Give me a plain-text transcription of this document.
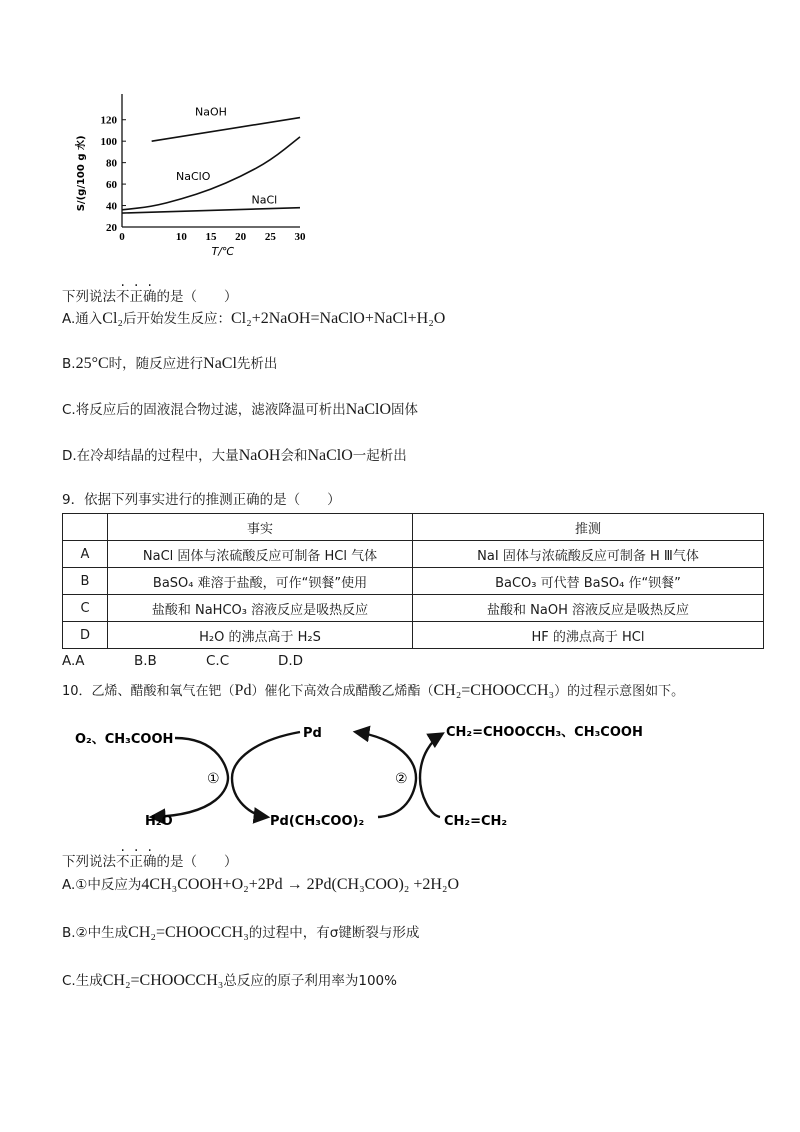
0	10 15 20 25 30
20
40
60
80
100
120
NaOH
NaClO
NaCl
T/℃
S/(g/100 g 水)
下列说法不正确的是（　　）
A.通入Cl₂后开始发生反应：Cl₂+2NaOH=NaClO+NaCl+H₂O
B.25°C时，随反应进行NaCl先析出
C.将反应后的固液混合物过滤，滤液降温可析出NaClO固体
D.在冷却结晶的过程中，大量NaOH会和NaClO一起析出
9．依据下列事实进行的推测正确的是（　　）
	事实	推测
A	NaCl 固体与浓硫酸反应可制备 HCl 气体	NaI 固体与浓硫酸反应可制备 H Ⅲ气体
B	BaSO₄ 难溶于盐酸，可作“钡餐”使用	BaCO₃ 可代替 BaSO₄ 作“钡餐”
C	盐酸和 NaHCO₃ 溶液反应是吸热反应	盐酸和 NaOH 溶液反应是吸热反应
D	H₂O 的沸点高于 H₂S	HF 的沸点高于 HCl
A.A	B.B	C.C	D.D
10．乙烯、醋酸和氧气在钯（Pd）催化下高效合成醋酸乙烯酯（CH₂=CHOOCCH₃）的过程示意图如下。
O₂、CH₃COOH	Pd	CH₂=CHOOCCH₃、CH₃COOH
H₂O	Pd(CH₃COO)₂	CH₂=CH₂
①	②
下列说法不正确的是（　　）
A.①中反应为4CH₃COOH+O₂+2Pd → 2Pd(CH₃COO)₂ +2H₂O
B.②中生成CH₂=CHOOCCH₃的过程中，有σ键断裂与形成
C.生成CH₂=CHOOCCH₃总反应的原子利用率为100%
